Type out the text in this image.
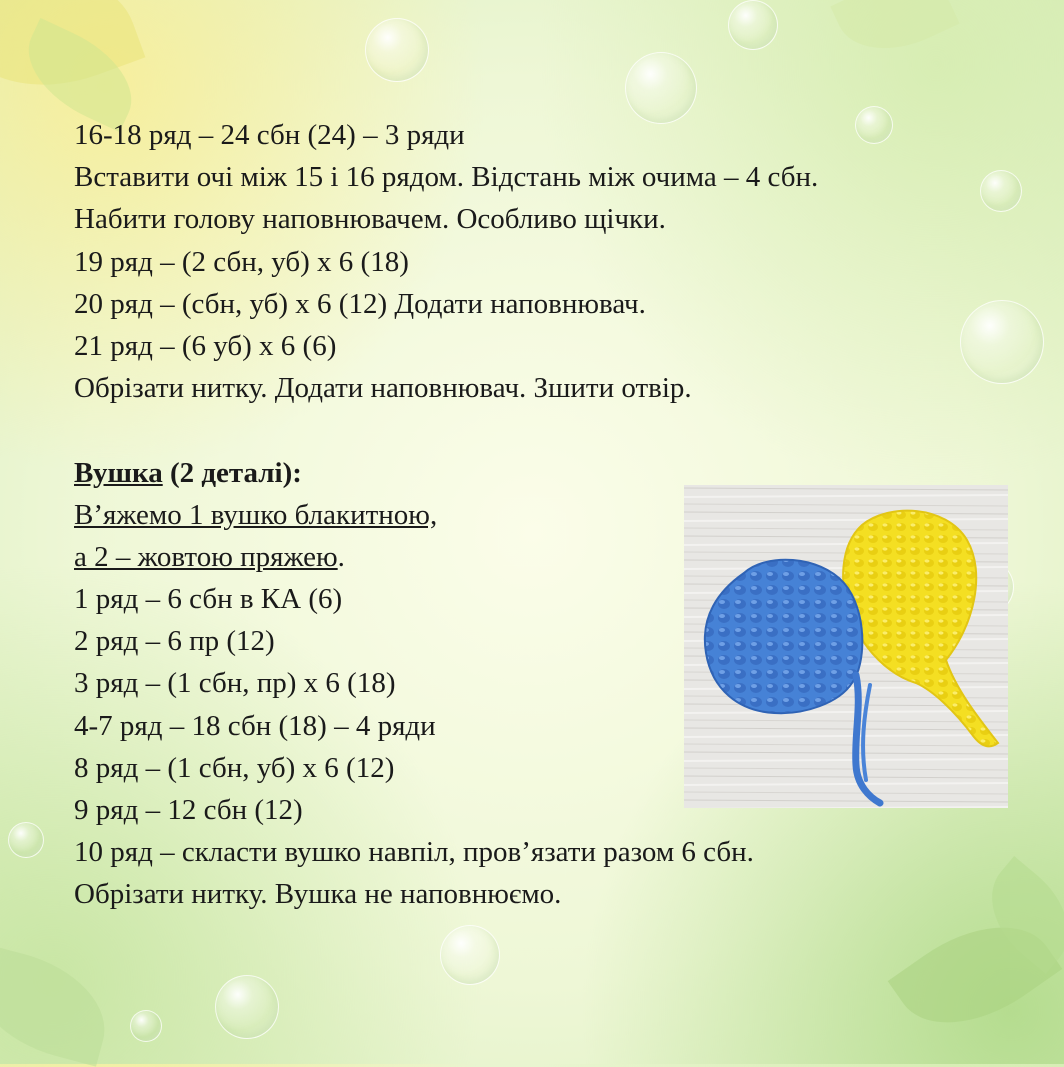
16-18 ряд – 24 сбн (24) – 3 ряди
Вставити очі між 15 і 16 рядом. Відстань між очима – 4 сбн.
Набити голову наповнювачем. Особливо щічки.
19 ряд – (2 сбн, уб) х 6 (18)
20 ряд – (сбн, уб) х 6 (12) Додати наповнювач.
21 ряд – (6 уб) х 6 (6)
Обрізати нитку. Додати наповнювач. Зшити отвір.
Вушка (2 деталі):
В’яжемо 1 вушко блакитною,
а 2 – жовтою пряжею.
1 ряд – 6 сбн в КА (6)
2 ряд – 6 пр (12)
3 ряд – (1 сбн, пр) х 6 (18)
4-7 ряд – 18 сбн (18) – 4 ряди
8 ряд – (1 сбн, уб) х 6 (12)
9 ряд – 12 сбн (12)
10 ряд – скласти вушко навпіл, пров’язати разом 6 сбн.
Обрізати нитку. Вушка не наповнюємо.
